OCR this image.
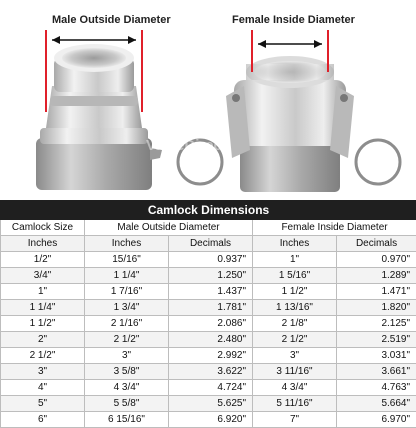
ValveDirect
Male Outside Diameter	Female Inside Diameter
Camlock Dimensions				
Camlock Size	Male Outside Diameter		Female Inside Diameter	
Inches	Inches	Decimals	Inches	Decimals
1/2"	15/16"	0.937"	1"	0.970"
3/4"	1 1/4"	1.250"	1 5/16"	1.289"
1"	1 7/16"	1.437"	1 1/2"	1.471"
1 1/4"	1 3/4"	1.781"	1 13/16"	1.820"
1 1/2"	2 1/16"	2.086"	2 1/8"	2.125"
2"	2 1/2"	2.480"	2 1/2"	2.519"
2 1/2"	3"	2.992"	3"	3.031"
3"	3 5/8"	3.622"	3 11/16"	3.661"
4"	4 3/4"	4.724"	4 3/4"	4.763"
5"	5 5/8"	5.625"	5 11/16"	5.664"
6"	6 15/16"	6.920"	7"	6.970"
